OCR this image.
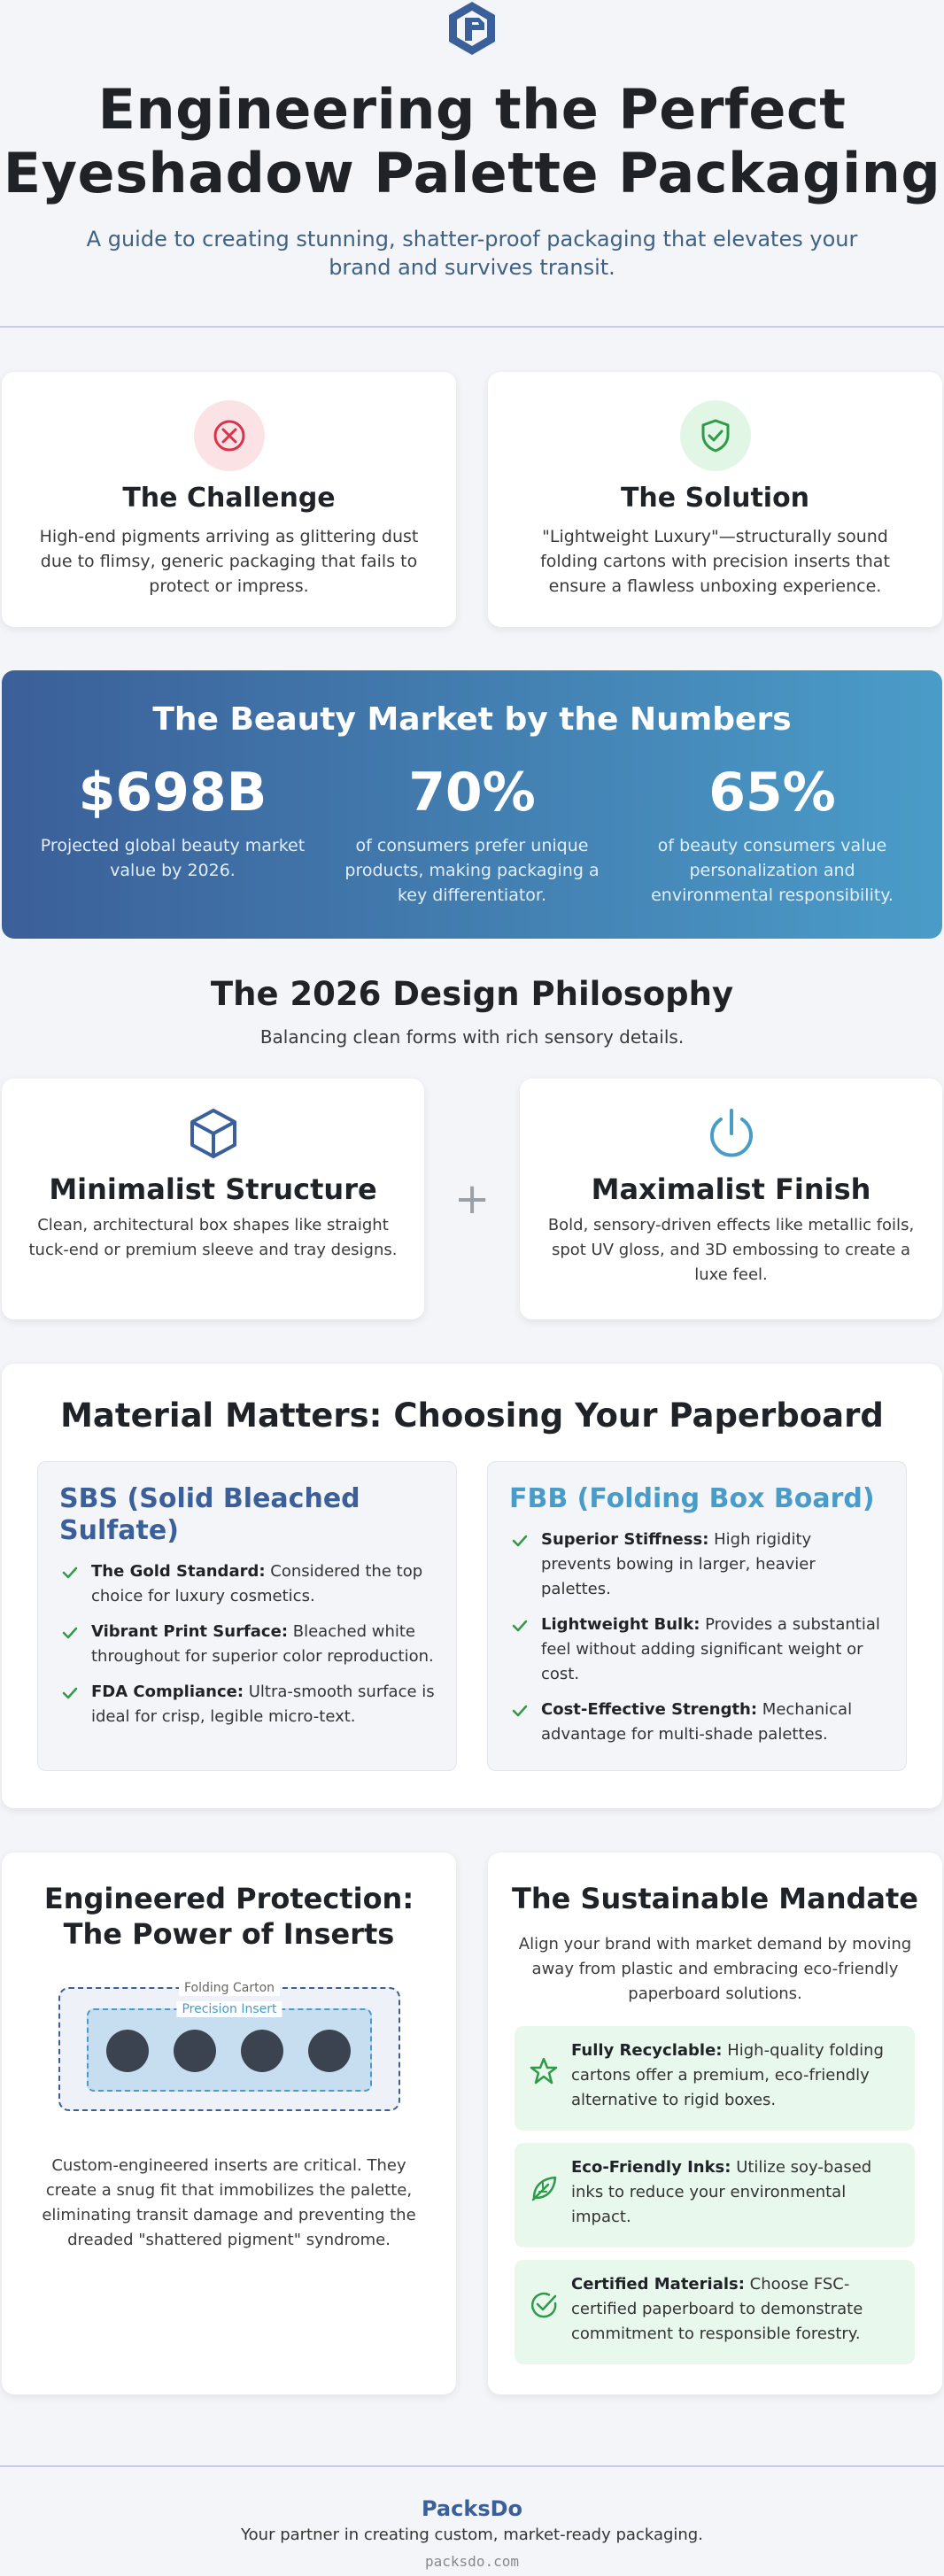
Engineering the Perfect
Eyeshadow Palette Packaging
A guide to creating stunning, shatter-proof packaging that elevates your brand and survives transit.
The Challenge

High-end pigments arriving as glittering dust due to flimsy, generic packaging that fails to protect or impress.

The Solution

"Lightweight Luxury"—structurally sound folding cartons with precision inserts that ensure a flawless unboxing experience.

The Beauty Market by the Numbers
$698B
Projected global beauty market value by 2026.
70%
of consumers prefer unique products, making packaging a key differentiator.
65%
of beauty consumers value personalization and environmental responsibility.
The 2026 Design Philosophy
Balancing clean forms with rich sensory details.
Minimalist Structure

Clean, architectural box shapes like straight tuck-end or premium sleeve and tray designs.

+	Maximalist Finish

Bold, sensory-driven effects like metallic foils, spot UV gloss, and 3D embossing to create a luxe feel.

Material Matters: Choosing Your Paperboard
SBS (Solid Bleached Sulfate)
The Gold Standard: Considered the top choice for luxury cosmetics.
Vibrant Print Surface: Bleached white throughout for superior color reproduction.
FDA Compliance: Ultra-smooth surface is ideal for crisp, legible micro-text.
FBB (Folding Box Board)
Superior Stiffness: High rigidity prevents bowing in larger, heavier palettes.
Lightweight Bulk: Provides a substantial feel without adding significant weight or cost.
Cost-Effective Strength: Mechanical advantage for multi-shade palettes.
Engineered Protection:
The Power of Inserts
Folding Carton
Precision Insert

Custom-engineered inserts are critical. They create a snug fit that immobilizes the palette, eliminating transit damage and preventing the dreaded "shattered pigment" syndrome.

The Sustainable Mandate

Align your brand with market demand by moving away from plastic and embracing eco-friendly paperboard solutions.

Fully Recyclable: High-quality folding cartons offer a premium, eco-friendly alternative to rigid boxes.
Eco-Friendly Inks: Utilize soy-based inks to reduce your environmental impact.
Certified Materials: Choose FSC-certified paperboard to demonstrate commitment to responsible forestry.
PacksDo
Your partner in creating custom, market-ready packaging.
packsdo.com
